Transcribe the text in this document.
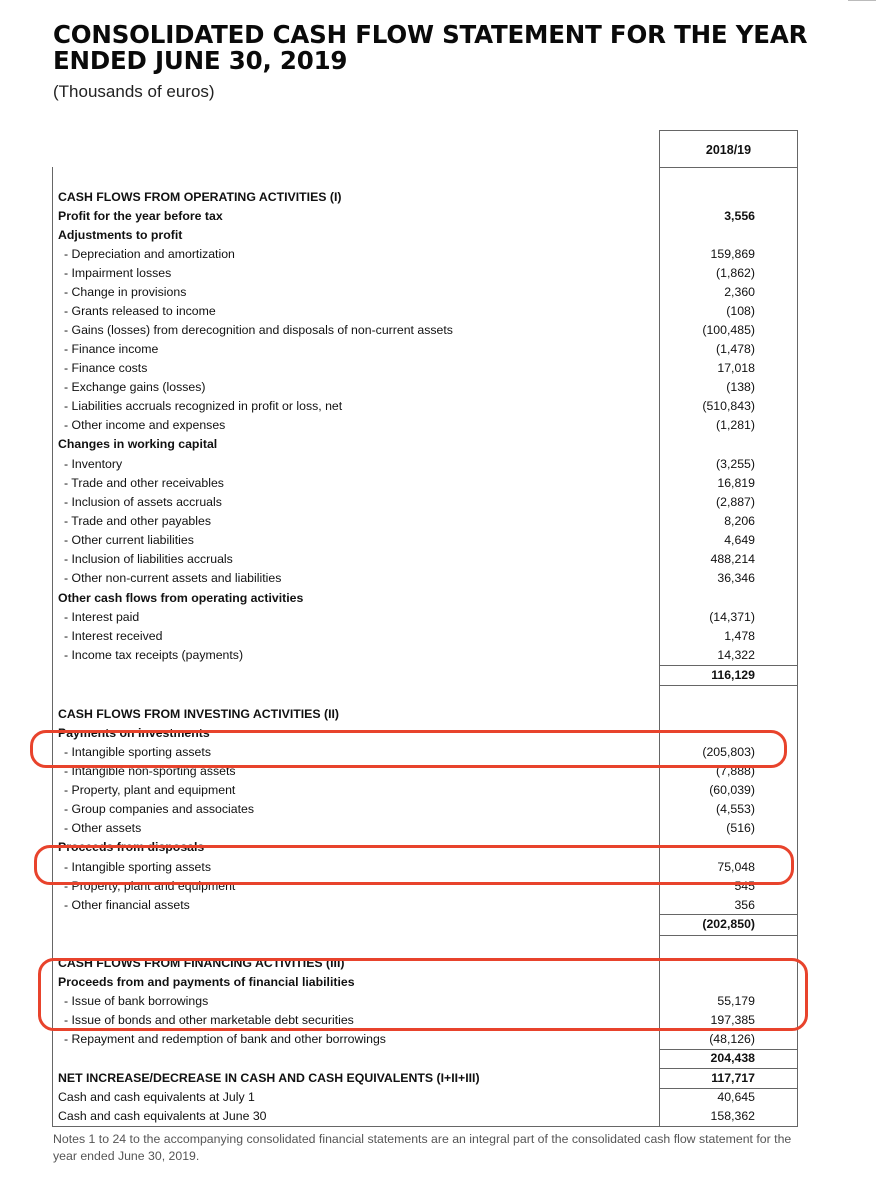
CONSOLIDATED CASH FLOW STATEMENT FOR THE YEAR ENDED JUNE 30, 2019
(Thousands of euros)
2018/19
CASH FLOWS FROM OPERATING ACTIVITIES (I)
Profit for the year before tax	3,556
Adjustments to profit
- Depreciation and amortization	159,869
- Impairment losses	(1,862)
- Change in provisions	2,360
- Grants released to income	(108)
- Gains (losses) from derecognition and disposals of non-current assets	(100,485)
- Finance income	(1,478)
- Finance costs	17,018
- Exchange gains (losses)	(138)
- Liabilities accruals recognized in profit or loss, net	(510,843)
- Other income and expenses	(1,281)
Changes in working capital
- Inventory	(3,255)
- Trade and other receivables	16,819
- Inclusion of assets accruals	(2,887)
- Trade and other payables	8,206
- Other current liabilities	4,649
- Inclusion of liabilities accruals	488,214
- Other non-current assets and liabilities	36,346
Other cash flows from operating activities
- Interest paid	(14,371)
- Interest received	1,478
- Income tax receipts (payments)	14,322
116,129
CASH FLOWS FROM INVESTING ACTIVITIES (II)
Payments on investments
- Intangible sporting assets	(205,803)
- Intangible non-sporting assets	(7,888)
- Property, plant and equipment	(60,039)
- Group companies and associates	(4,553)
- Other assets	(516)
Proceeds from disposals
- Intangible sporting assets	75,048
- Property, plant and equipment	545
- Other financial assets	356
(202,850)
CASH FLOWS FROM FINANCING ACTIVITIES (III)
Proceeds from and payments of financial liabilities
- Issue of bank borrowings	55,179
- Issue of bonds and other marketable debt securities	197,385
- Repayment and redemption of bank and other borrowings	(48,126)
204,438
NET INCREASE/DECREASE IN CASH AND CASH EQUIVALENTS (I+II+III)	117,717
Cash and cash equivalents at July 1	40,645
Cash and cash equivalents at June 30	158,362
Notes 1 to 24 to the accompanying consolidated financial statements are an integral part of the consolidated cash flow statement for the year ended June 30, 2019.
